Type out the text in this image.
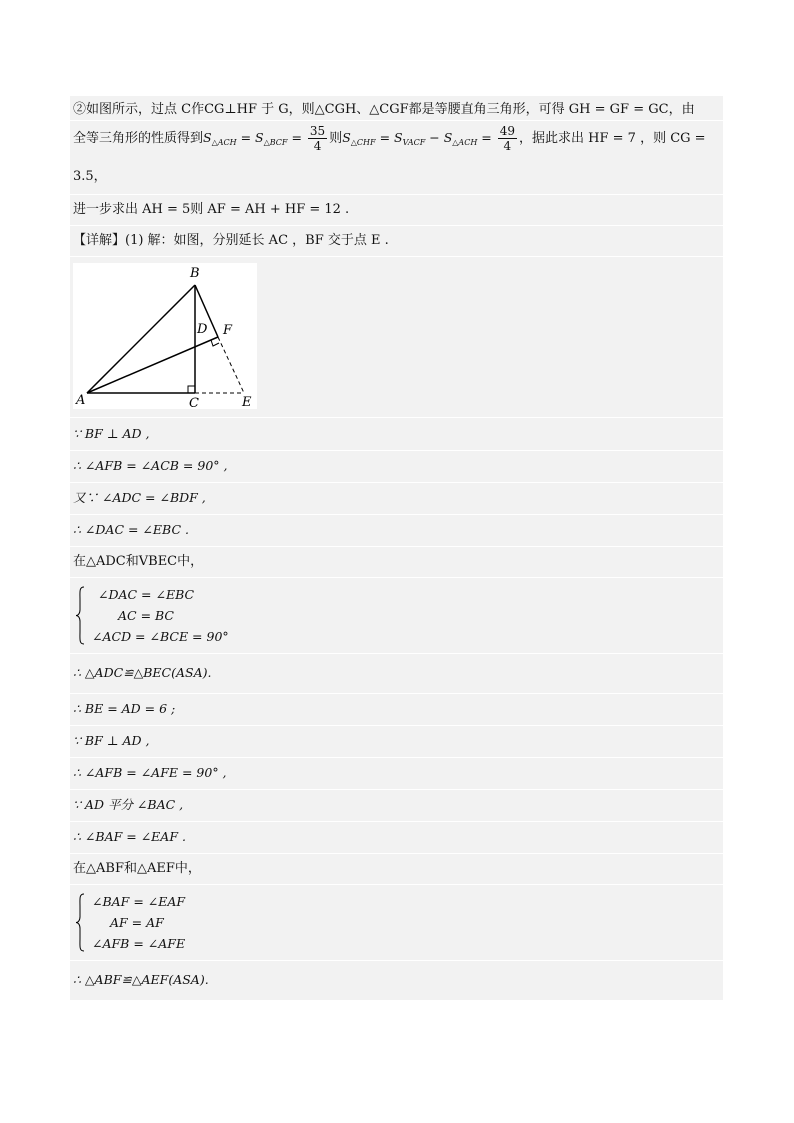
②如图所示，过点 C作CG⊥HF 于 G，则△CGH、△CGF都是等腰直角三角形，可得 GH = GF = GC，由
全等三角形的性质得到$S_{\triangle ACH} = S_{\triangle BCF} = \frac{35}{4}$ 则$S_{\triangle CHF} = S_{VACF} - S_{\triangle ACH} = \frac{49}{4}$ ，据此求出 HF = 7 ，则 CG = 3.5，
进一步求出 AH = 5则 AF = AH + HF = 12 .
【详解】(1) 解：如图，分别延长 AC ，BF 交于点 E .
A
B
C
D
E
F
∵ BF ⊥ AD ,
∴ ∠AFB = ∠ACB = 90° ,
又∵ ∠ADC = ∠BDF ,
∴ ∠DAC = ∠EBC .
在△ADC和VBEC中，
∠DAC = ∠EBC
AC = BC
∠ACD = ∠BCE = 90°
∴ △ADC≌△BEC(ASA).
∴ BE = AD = 6 ;
∵ BF ⊥ AD ,
∴ ∠AFB = ∠AFE = 90° ,
∵ AD 平分 ∠BAC ,
∴ ∠BAF = ∠EAF .
在△ABF和△AEF中，
∠BAF = ∠EAF
AF = AF
∠AFB = ∠AFE
∴ △ABF≌△AEF(ASA).
